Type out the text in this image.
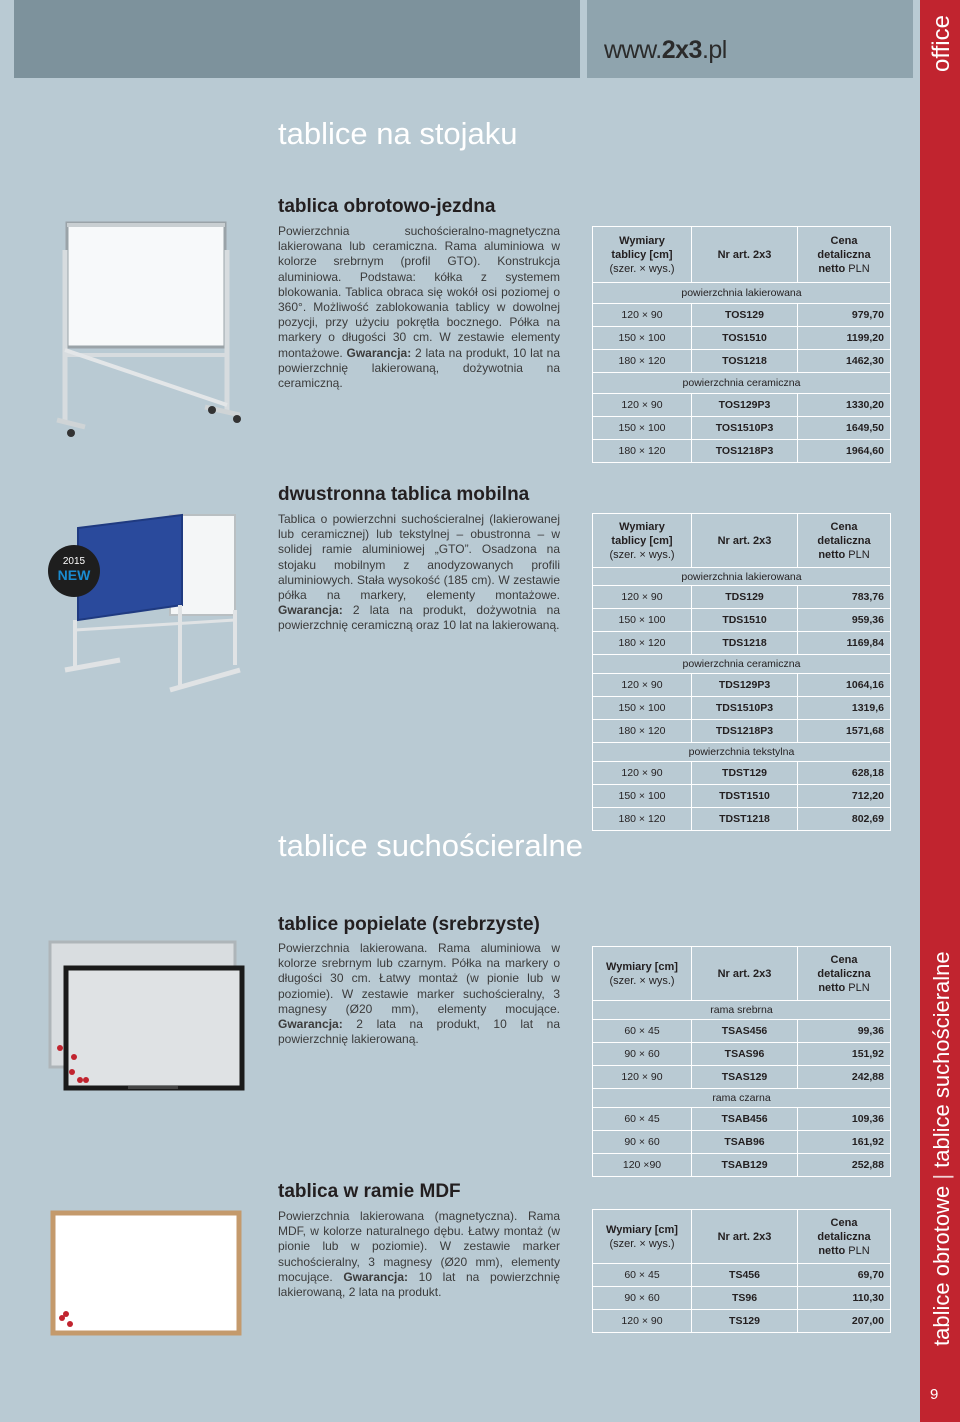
www.2x3.pl	office
tablice obrotowe | tablice suchościeralne
9
tablice na stojaku
tablice suchościeralne
tablica obrotowo-jezdna
Powierzchnia suchościeralno-magnetyczna lakierowana lub ceramiczna. Rama aluminiowa w kolorze srebrnym (profil GTO). Konstrukcja aluminiowa. Podstawa: kółka z systemem blokowania. Tablica obraca się wokół osi poziomej o 360°. Możliwość zablokowania tablicy w dowolnej pozycji, przy użyciu pokrętła bocznego. Półka na markery o długości 30 cm. W zestawie elementy montażowe. Gwarancja: 2 lata na produkt, 10 lat na powierzchnię lakierowaną, dożywotnia na ceramiczną.
Wymiary
tablicy [cm]
(szer. × wys.)	Nr art. 2x3	Cena
detaliczna
netto PLN
powierzchnia lakierowana		
120 × 90	TOS129	979,70
150 × 100	TOS1510	1199,20
180 × 120	TOS1218	1462,30
powierzchnia ceramiczna		
120 × 90	TOS129P3	1330,20
150 × 100	TOS1510P3	1649,50
180 × 120	TOS1218P3	1964,60
2015
NEW
dwustronna tablica mobilna
Tablica o powierzchni suchościeralnej (lakierowanej lub ceramicznej) lub tekstylnej – obustronna – w solidej ramie aluminiowej „GTO”. Osadzona na stojaku mobilnym z anodyzowanych profili aluminiowych. Stała wysokość (185 cm). W zestawie półka na markery, elementy montażowe. Gwarancja: 2 lata na produkt, dożywotnia na powierzchnię ceramiczną oraz 10 lat na lakierowaną.
Wymiary
tablicy [cm]
(szer. × wys.)	Nr art. 2x3	Cena
detaliczna
netto PLN
powierzchnia lakierowana		
120 × 90	TDS129	783,76
150 × 100	TDS1510	959,36
180 × 120	TDS1218	1169,84
powierzchnia ceramiczna		
120 × 90	TDS129P3	1064,16
150 × 100	TDS1510P3	1319,6
180 × 120	TDS1218P3	1571,68
powierzchnia tekstylna		
120 × 90	TDST129	628,18
150 × 100	TDST1510	712,20
180 × 120	TDST1218	802,69
tablice popielate (srebrzyste)
Powierzchnia lakierowana. Rama aluminiowa w kolorze srebrnym lub czarnym. Półka na markery o długości 30 cm. Łatwy montaż (w pionie lub w poziomie). W zestawie marker suchościeralny, 3 magnesy (Ø20 mm), elementy mocujące. Gwarancja: 2 lata na produkt, 10 lat na powierzchnię lakierowaną.
Wymiary [cm]
(szer. × wys.)	Nr art. 2x3	Cena
detaliczna
netto PLN
rama srebrna		
60 × 45	TSAS456	99,36
90 × 60	TSAS96	151,92
120 × 90	TSAS129	242,88
rama czarna		
60 × 45	TSAB456	109,36
90 × 60	TSAB96	161,92
120 ×90	TSAB129	252,88
tablica w ramie MDF
Powierzchnia lakierowana (magnetyczna). Rama MDF, w kolorze naturalnego dębu. Łatwy montaż (w pionie lub w poziomie). W zestawie marker suchościeralny, 3 magnesy (Ø20 mm), elementy mocujące. Gwarancja: 10 lat na powierzchnię lakierowaną, 2 lata na produkt.
Wymiary [cm]
(szer. × wys.)	Nr art. 2x3	Cena
detaliczna
netto PLN
60 × 45	TS456	69,70
90 × 60	TS96	110,30
120 × 90	TS129	207,00
